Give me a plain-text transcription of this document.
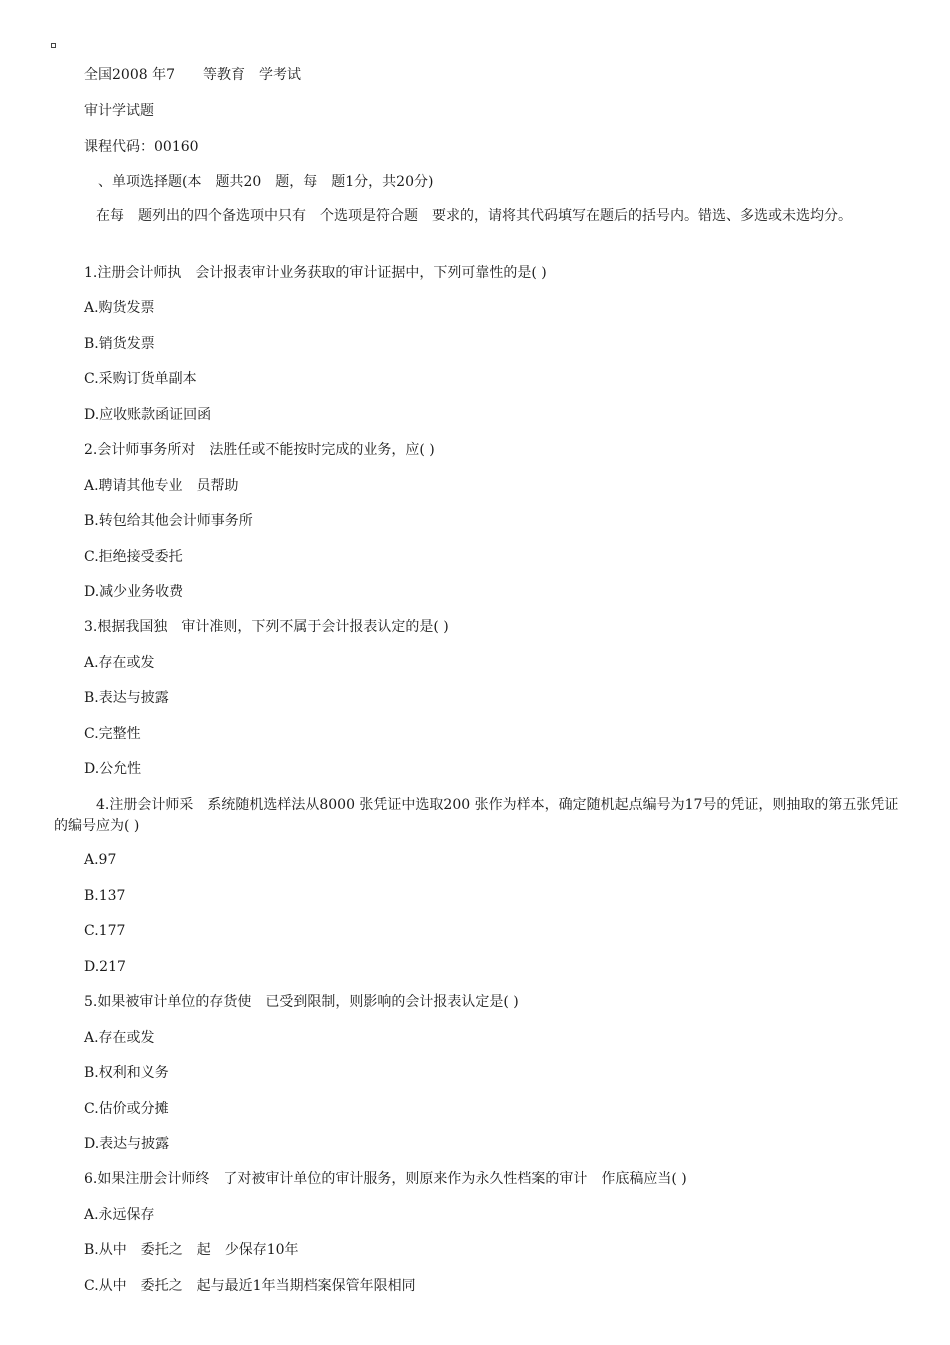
全国2008 年7　　等教育　学考试
审计学试题
课程代码：00160
　、单项选择题(本　题共20　题，每　题1分，共20分)
　　　在每　题列出的四个备选项中只有　个选项是符合题　要求的，请将其代码填写在题后的括号内。错选、多选或未选均分。
1.注册会计师执　会计报表审计业务获取的审计证据中，下列可靠性的是( )
A.购货发票
B.销货发票
C.采购订货单副本
D.应收账款函证回函
2.会计师事务所对　法胜任或不能按时完成的业务，应( )
A.聘请其他专业　员帮助
B.转包给其他会计师事务所
C.拒绝接受委托
D.减少业务收费
3.根据我国独　审计准则，下列不属于会计报表认定的是( )
A.存在或发
B.表达与披露
C.完整性
D.公允性
　　　4.注册会计师采　系统随机选样法从8000 张凭证中选取200 张作为样本，确定随机起点编号为17号的凭证，则抽取的第五张凭证的编号应为( )
A.97
B.137
C.177
D.217
5.如果被审计单位的存货使　已受到限制，则影响的会计报表认定是( )
A.存在或发
B.权利和义务
C.估价或分摊
D.表达与披露
6.如果注册会计师终　了对被审计单位的审计服务，则原来作为永久性档案的审计　作底稿应当( )
A.永远保存
B.从中　委托之　起　少保存10年
C.从中　委托之　起与最近1年当期档案保管年限相同
